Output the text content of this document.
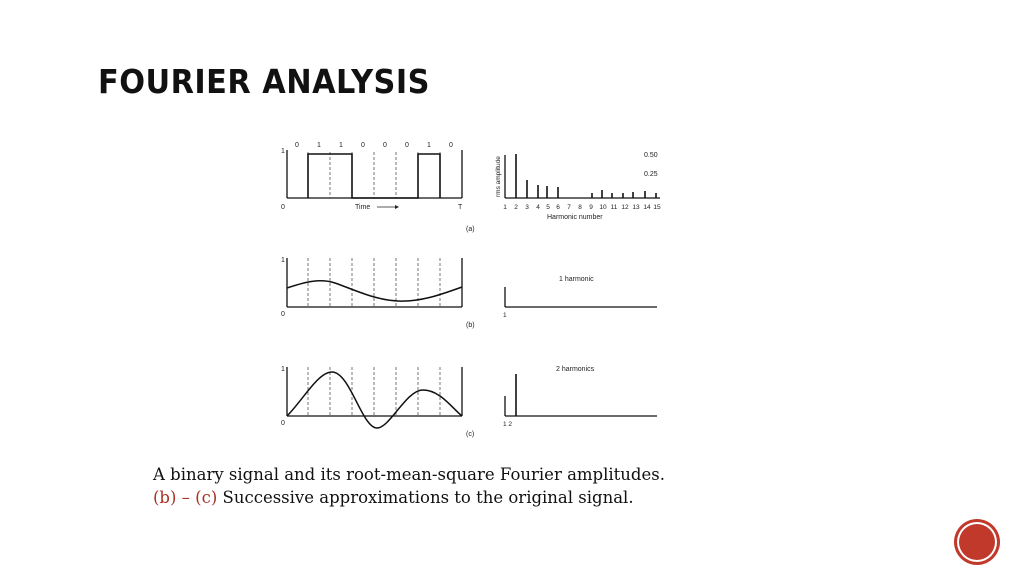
FOURIER ANALYSIS
0	1	1	0	0	0	1	0
1
0	Time	T
(a)
rms amplitude
0.50
0.25
1 2 3 4 5 6 7 8 9 10 11 12 13 14 15
Harmonic number
1
0
(b)
1 harmonic
1
1
0
(c)
2 harmonics
1 2
A binary signal and its root-mean-square Fourier amplitudes.
(b) – (c) Successive approximations to the original signal.
